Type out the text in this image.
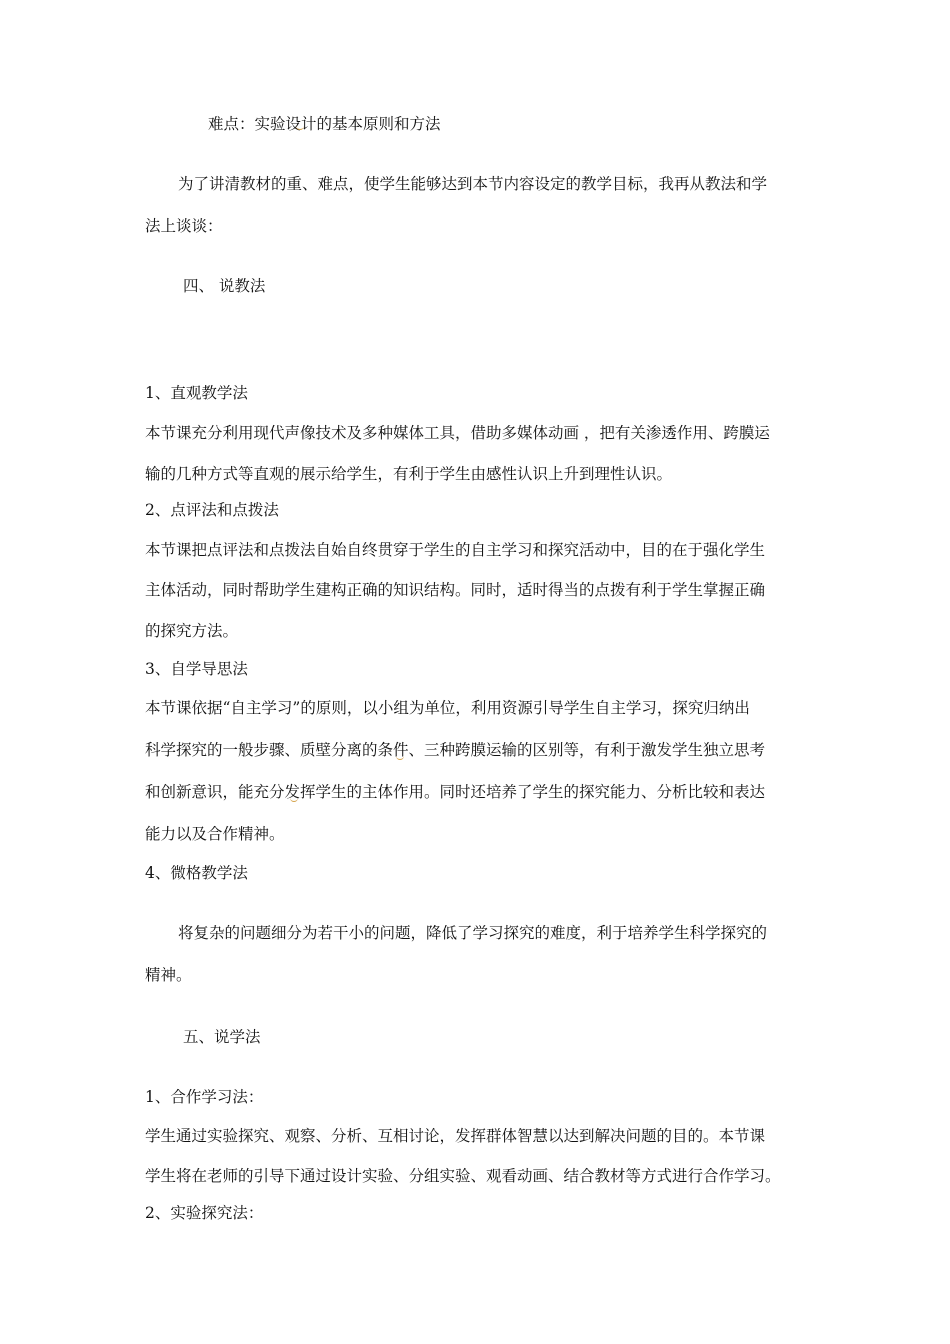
难点：实验设计的基本原则和方法

为了讲清教材的重、难点，使学生能够达到本节内容设定的教学目标，我再从教法和学

法上谈谈：

四、 说教法

1、直观教学法

本节课充分利用现代声像技术及多种媒体工具，借助多媒体动画 ，把有关渗透作用、跨膜运

输的几种方式等直观的展示给学生，有利于学生由感性认识上升到理性认识。

2、点评法和点拨法

本节课把点评法和点拨法自始自终贯穿于学生的自主学习和探究活动中，目的在于强化学生

主体活动，同时帮助学生建构正确的知识结构。同时，适时得当的点拨有利于学生掌握正确

的探究方法。

3、自学导思法

本节课依据“自主学习”的原则，以小组为单位，利用资源引导学生自主学习，探究归纳出

科学探究的一般步骤、质壁分离的条件、三种跨膜运输的区别等，有利于激发学生独立思考

和创新意识，能充分发挥学生的主体作用。同时还培养了学生的探究能力、分析比较和表达

能力以及合作精神。

4、微格教学法

将复杂的问题细分为若干小的问题，降低了学习探究的难度，利于培养学生科学探究的

精神。

五、说学法

1、合作学习法：

学生通过实验探究、观察、分析、互相讨论，发挥群体智慧以达到解决问题的目的。本节课

学生将在老师的引导下通过设计实验、分组实验、观看动画、结合教材等方式进行合作学习。

2、实验探究法：
